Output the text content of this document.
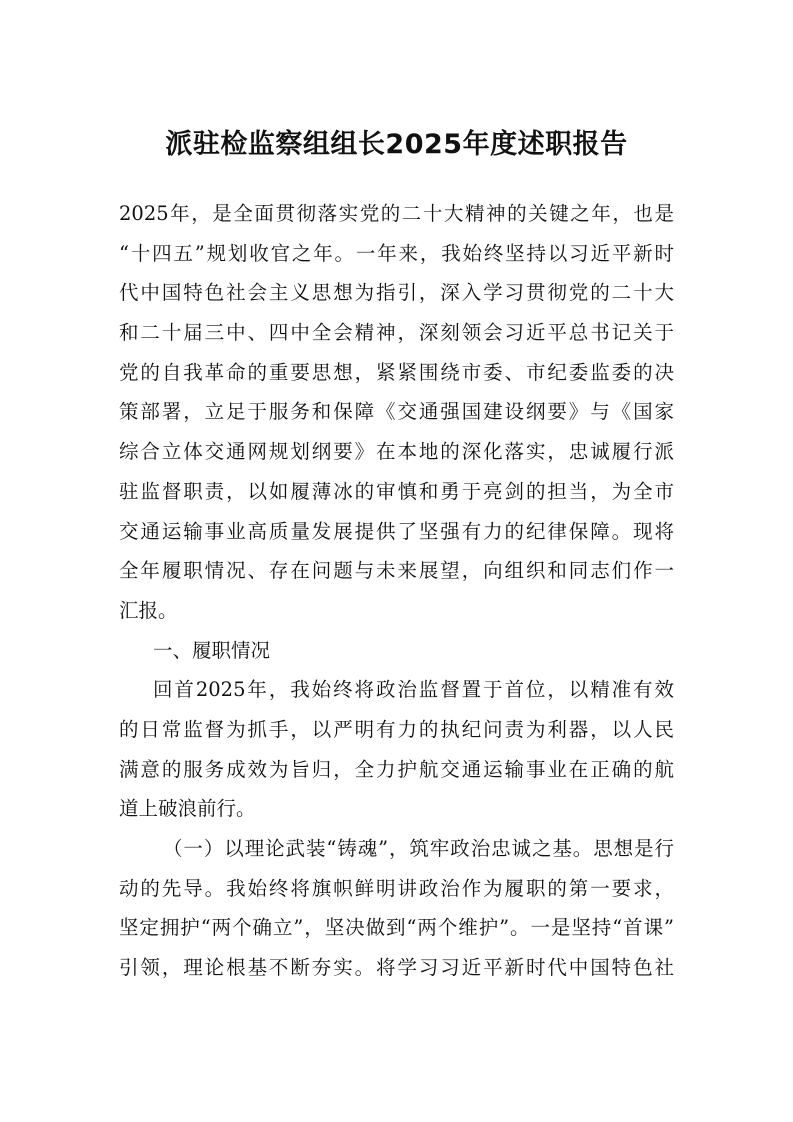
派驻检监察组组长2025年度述职报告
2025年，是全面贯彻落实党的二十大精神的关键之年，也是
“十四五”规划收官之年。一年来，我始终坚持以习近平新时
代中国特色社会主义思想为指引，深入学习贯彻党的二十大
和二十届三中、四中全会精神，深刻领会习近平总书记关于
党的自我革命的重要思想，紧紧围绕市委、市纪委监委的决
策部署，立足于服务和保障《交通强国建设纲要》与《国家
综合立体交通网规划纲要》在本地的深化落实，忠诚履行派
驻监督职责，以如履薄冰的审慎和勇于亮剑的担当，为全市
交通运输事业高质量发展提供了坚强有力的纪律保障。现将
全年履职情况、存在问题与未来展望，向组织和同志们作一
汇报。
一、履职情况
回首2025年，我始终将政治监督置于首位，以精准有效
的日常监督为抓手，以严明有力的执纪问责为利器，以人民
满意的服务成效为旨归，全力护航交通运输事业在正确的航
道上破浪前行。
（一）以理论武装“铸魂”，筑牢政治忠诚之基。思想是行
动的先导。我始终将旗帜鲜明讲政治作为履职的第一要求，
坚定拥护“两个确立”，坚决做到“两个维护”。一是坚持“首课”
引领，理论根基不断夯实。将学习习近平新时代中国特色社
